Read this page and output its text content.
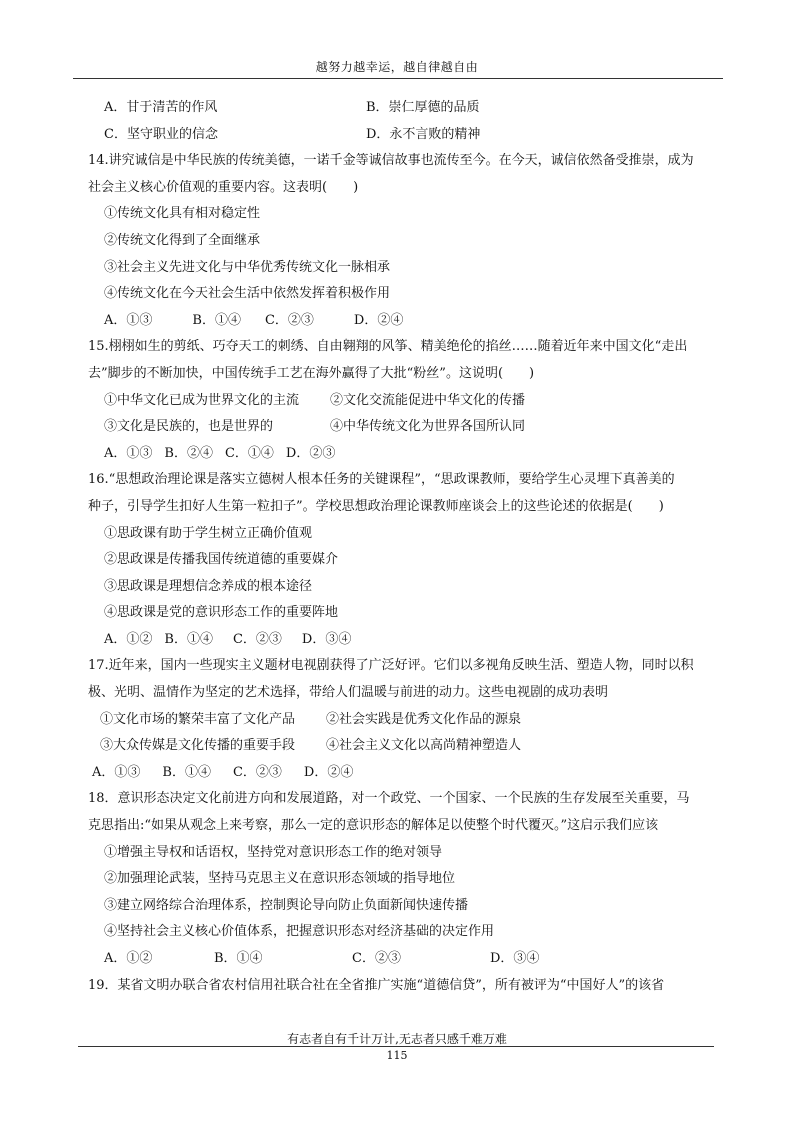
越努力越幸运，越自律越自由
A．甘于清苦的作风	B．崇仁厚德的品质
C．坚守职业的信念	D．永不言败的精神
14.讲究诚信是中华民族的传统美德，一诺千金等诚信故事也流传至今。在今天，诚信依然备受推崇，成为
社会主义核心价值观的重要内容。这表明(　　)
①传统文化具有相对稳定性
②传统文化得到了全面继承
③社会主义先进文化与中华优秀传统文化一脉相承
④传统文化在今天社会生活中依然发挥着积极作用
A．①③	B．①④ C．②③	D．②④
15.栩栩如生的剪纸、巧夺天工的刺绣、自由翱翔的风筝、精美绝伦的掐丝……随着近年来中国文化“走出
去”脚步的不断加快，中国传统手工艺在海外赢得了大批“粉丝”。这说明(　　)
①中华文化已成为世界文化的主流 ②文化交流能促进中华文化的传播
③文化是民族的，也是世界的	④中华传统文化为世界各国所认同
A．①③ B．②④ C．①④ D．②③
16.“思想政治理论课是落实立德树人根本任务的关键课程”，“思政课教师，要给学生心灵埋下真善美的
种子，引导学生扣好人生第一粒扣子”。学校思想政治理论课教师座谈会上的这些论述的依据是(　　)
①思政课有助于学生树立正确价值观
②思政课是传播我国传统道德的重要媒介
③思政课是理想信念养成的根本途径
④思政课是党的意识形态工作的重要阵地
A．①② B．①④ C．②③ D．③④
17.近年来，国内一些现实主义题材电视剧获得了广泛好评。它们以多视角反映生活、塑造人物，同时以积
极、光明、温情作为坚定的艺术选择，带给人们温暖与前进的动力。这些电视剧的成功表明
①文化市场的繁荣丰富了文化产品 ②社会实践是优秀文化作品的源泉
③大众传媒是文化传播的重要手段 ④社会主义文化以高尚精神塑造人
A．①③ B．①④ C．②③ D．②④
18．意识形态决定文化前进方向和发展道路，对一个政党、一个国家、一个民族的生存发展至关重要，马
克思指出:“如果从观念上来考察，那么一定的意识形态的解体足以使整个时代覆灭。”这启示我们应该
①增强主导权和话语权，坚持党对意识形态工作的绝对领导
②加强理论武装，坚持马克思主义在意识形态领域的指导地位
③建立网络综合治理体系，控制舆论导向防止负面新闻快速传播
④坚持社会主义核心价值体系，把握意识形态对经济基础的决定作用
A．①②	B．①④	C．②③	D．③④
19．某省文明办联合省农村信用社联合社在全省推广实施“道德信贷”，所有被评为“中国好人”的该省
有志者自有千计万计,无志者只感千难万难
115
